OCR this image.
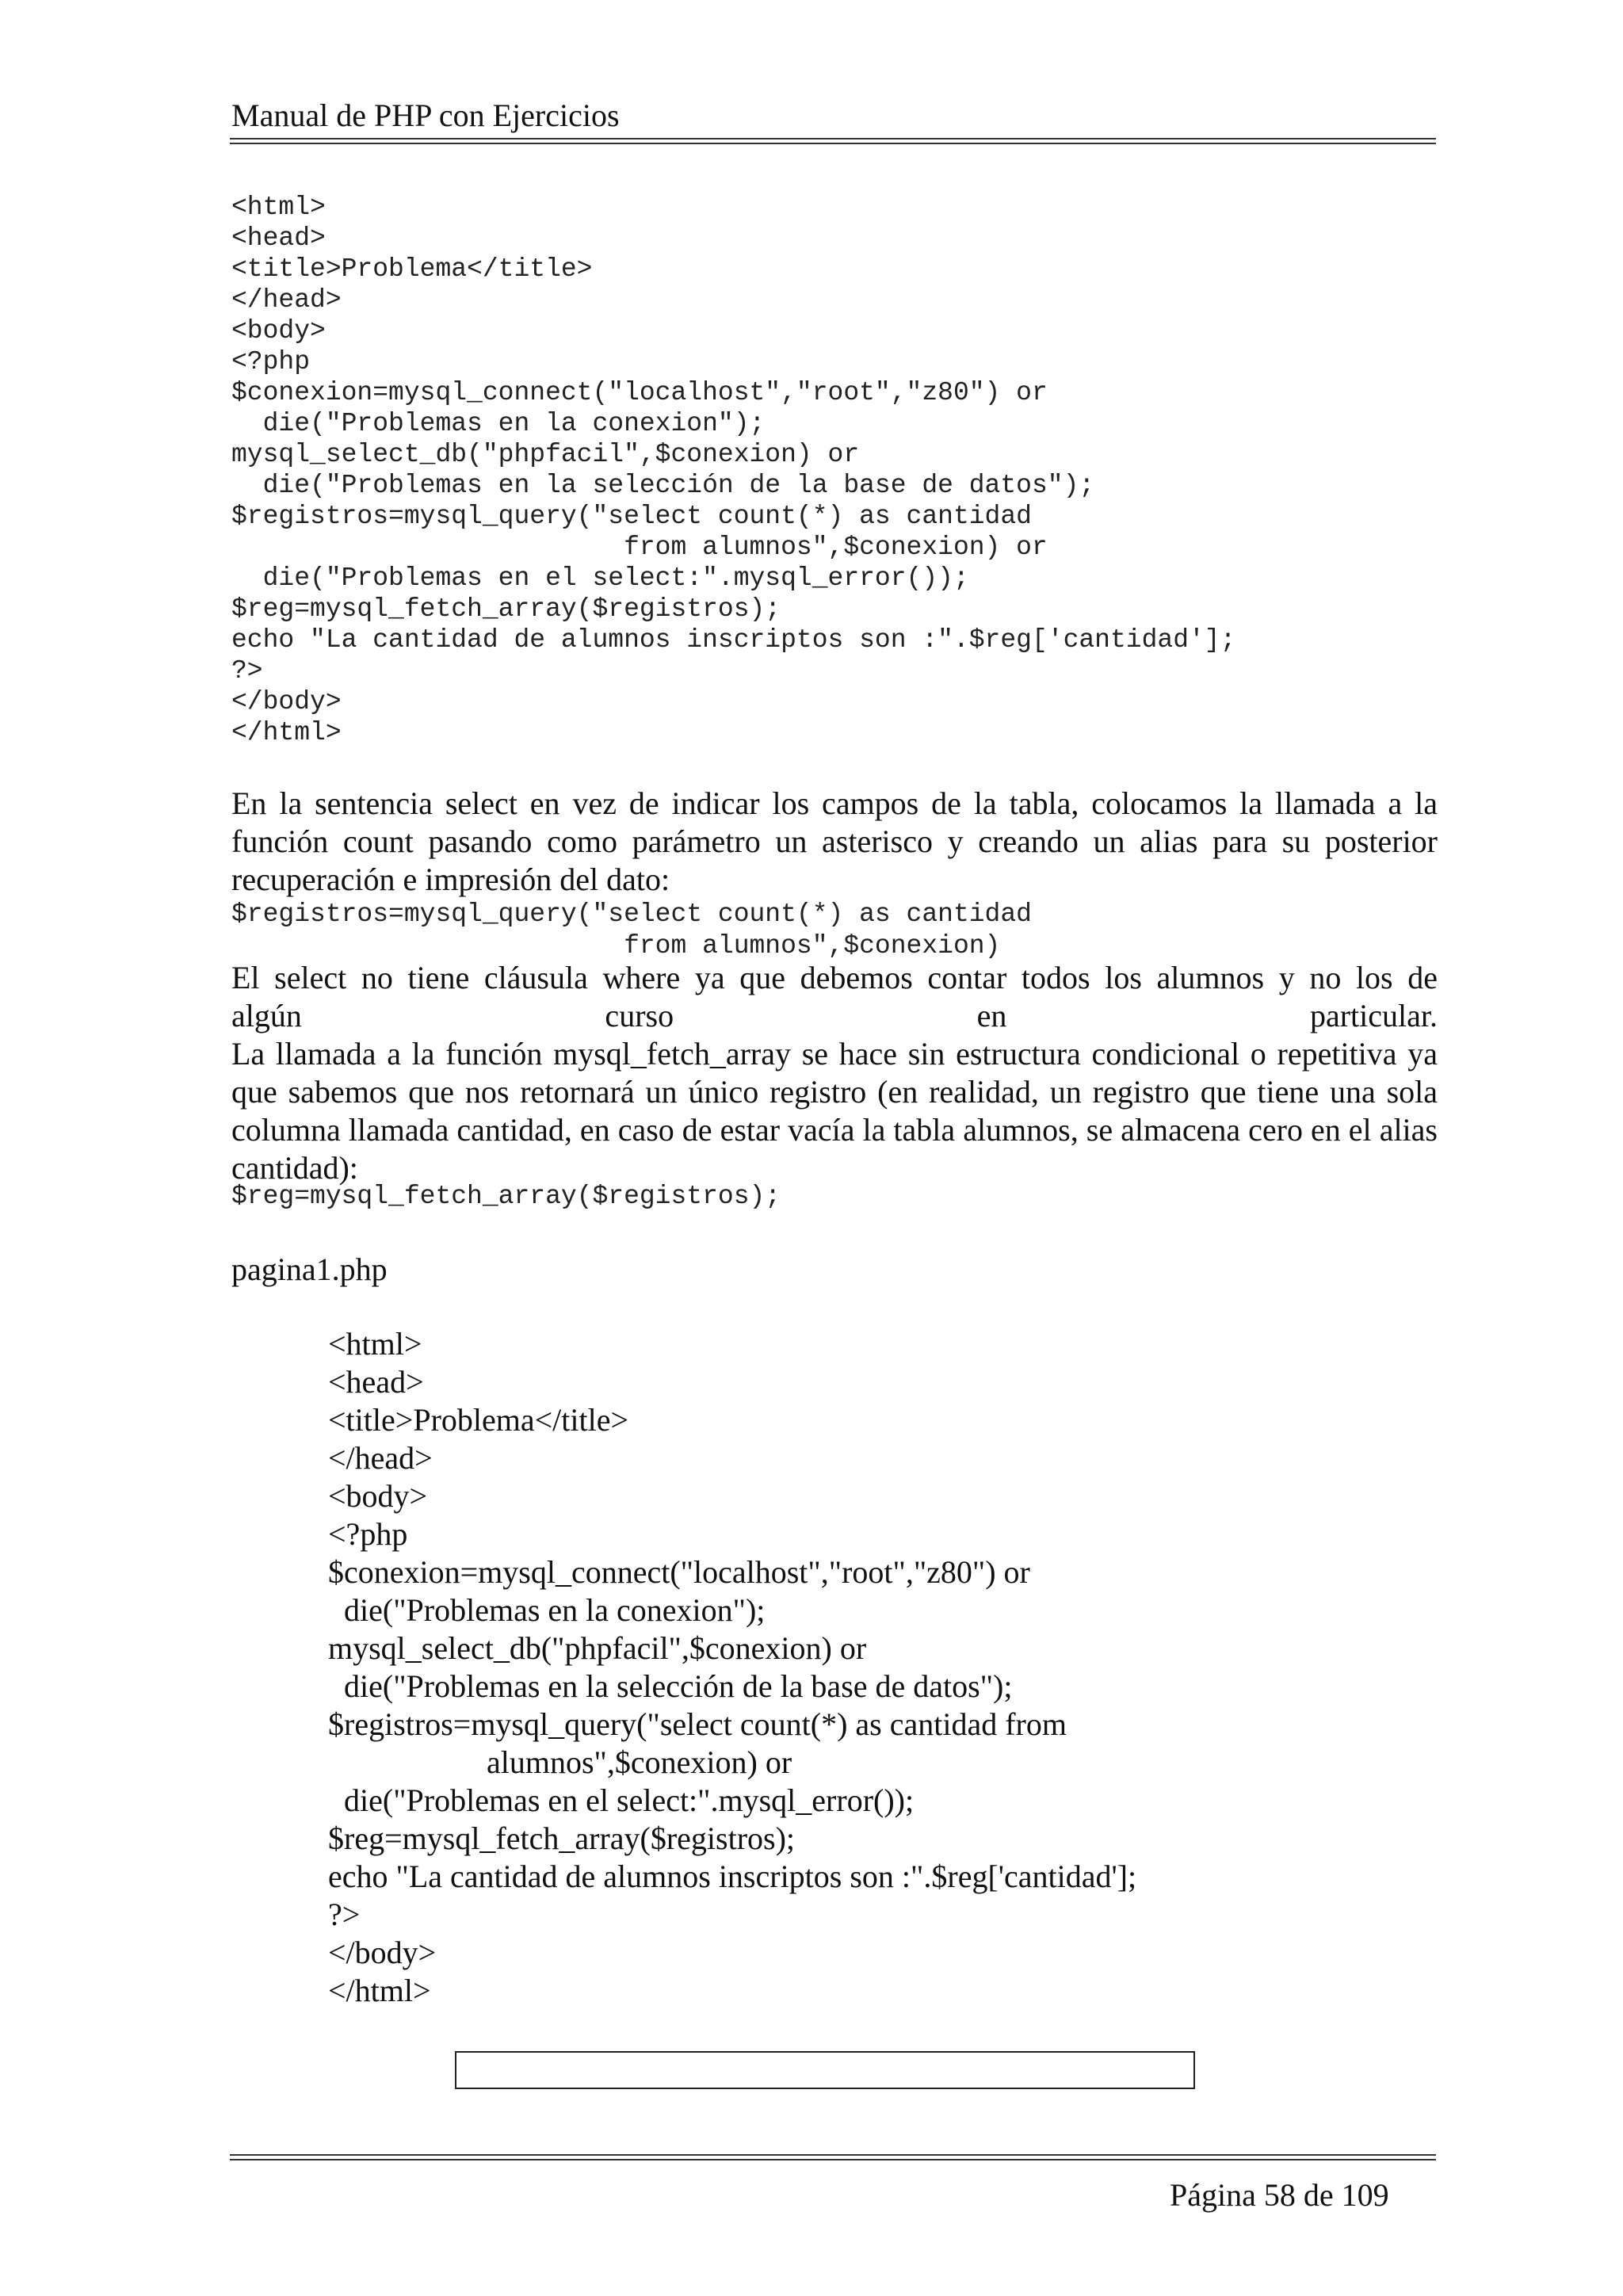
Manual de PHP con Ejercicios
<html>
<head>
<title>Problema</title>
</head>
<body>
<?php
$conexion=mysql_connect("localhost","root","z80") or
die("Problemas en la conexion");
mysql_select_db("phpfacil",$conexion) or
die("Problemas en la selección de la base de datos");
$registros=mysql_query("select count(*) as cantidad
from alumnos",$conexion) or
die("Problemas en el select:".mysql_error());
$reg=mysql_fetch_array($registros);
echo "La cantidad de alumnos inscriptos son :".$reg['cantidad'];
?>
</body>
</html>

En la sentencia select en vez de indicar los campos de la tabla, colocamos la llamada a la función count pasando como parámetro un asterisco y creando un alias para su posterior recuperación e impresión del dato:

$registros=mysql_query("select count(*) as cantidad
from alumnos",$conexion)

El select no tiene cláusula where ya que debemos contar todos los alumnos y no los de

algún curso en particular.

La llamada a la función mysql_fetch_array se hace sin estructura condicional o repetitiva ya que sabemos que nos retornará un único registro (en realidad, un registro que tiene una sola columna llamada cantidad, en caso de estar vacía la tabla alumnos, se almacena cero en el alias cantidad):

$reg=mysql_fetch_array($registros);
pagina1.php
<html>
<head>
<title>Problema</title>
</head>
<body>
<?php
$conexion=mysql_connect("localhost","root","z80") or
die("Problemas en la conexion");
mysql_select_db("phpfacil",$conexion) or
die("Problemas en la selección de la base de datos");
$registros=mysql_query("select count(*) as cantidad from
alumnos",$conexion) or
die("Problemas en el select:".mysql_error());
$reg=mysql_fetch_array($registros);
echo "La cantidad de alumnos inscriptos son :".$reg['cantidad'];
?>
</body>
</html>
Página 58 de 109
